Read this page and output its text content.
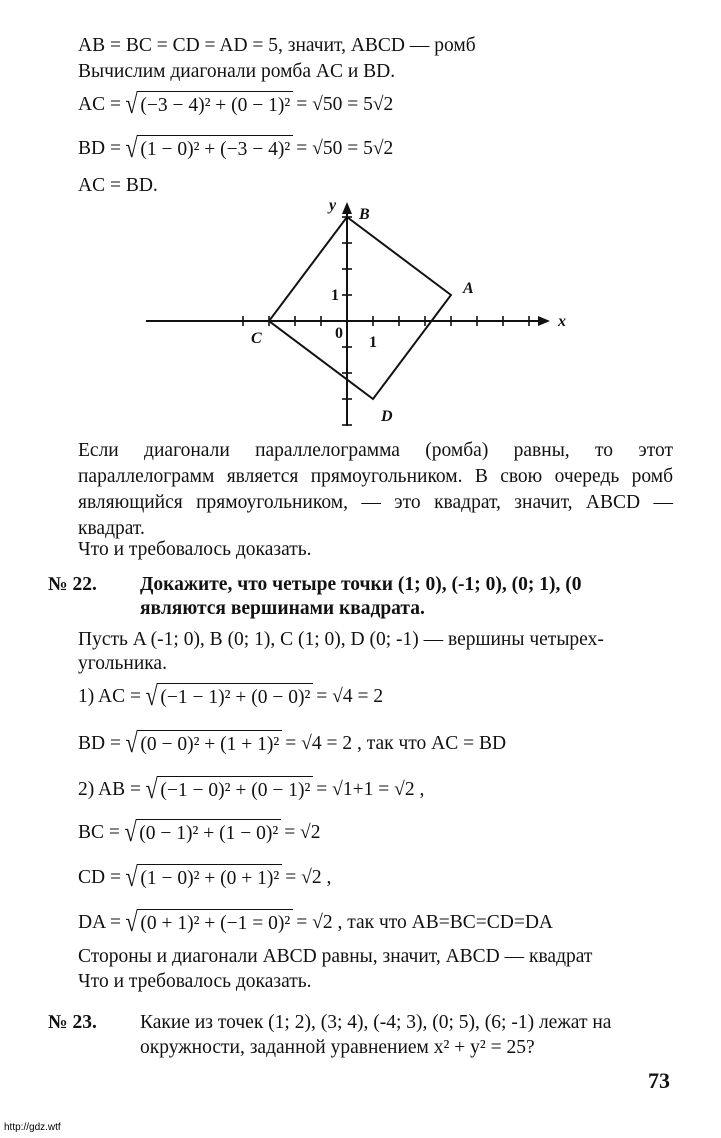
AB = BC = CD = AD = 5, значит, ABCD — ромб
Вычислим диагонали ромба AC и BD.
AC = √ (−3 − 4)² + (0 − 1)² = √50 = 5√2
BD = √ (1 − 0)² + (−3 − 4)² = √50 = 5√2
AC = BD.
y
x
0
1
1	A
B
C
D
Если диагонали параллелограмма (ромба) равны, то этот параллелограмм является прямоугольником. В свою очередь ромб являющийся прямоугольником, — это квадрат, значит, ABCD — квадрат.
Что и требовалось доказать.
№ 22. Докажите, что четыре точки (1; 0), (-1; 0), (0; 1), (0
являются вершинами квадрата.
Пусть A (-1; 0), B (0; 1), C (1; 0), D (0; -1) — вершины четырех-
угольника.
1) AC = √ (−1 − 1)² + (0 − 0)² = √4 = 2
BD = √ (0 − 0)² + (1 + 1)² = √4 = 2 , так что AC = BD
2) AB = √ (−1 − 0)² + (0 − 1)² = √1+1 = √2 ,
BC = √ (0 − 1)² + (1 − 0)² = √2
CD = √ (1 − 0)² + (0 + 1)² = √2 ,
DA = √ (0 + 1)² + (−1 = 0)² = √2 , так что AB=BC=CD=DA
Стороны и диагонали ABCD равны, значит, ABCD — квадрат
Что и требовалось доказать.
№ 23. Какие из точек (1; 2), (3; 4), (-4; 3), (0; 5), (6; -1) лежат на
окружности, заданной уравнением x² + y² = 25?
73
http://gdz.wtf
